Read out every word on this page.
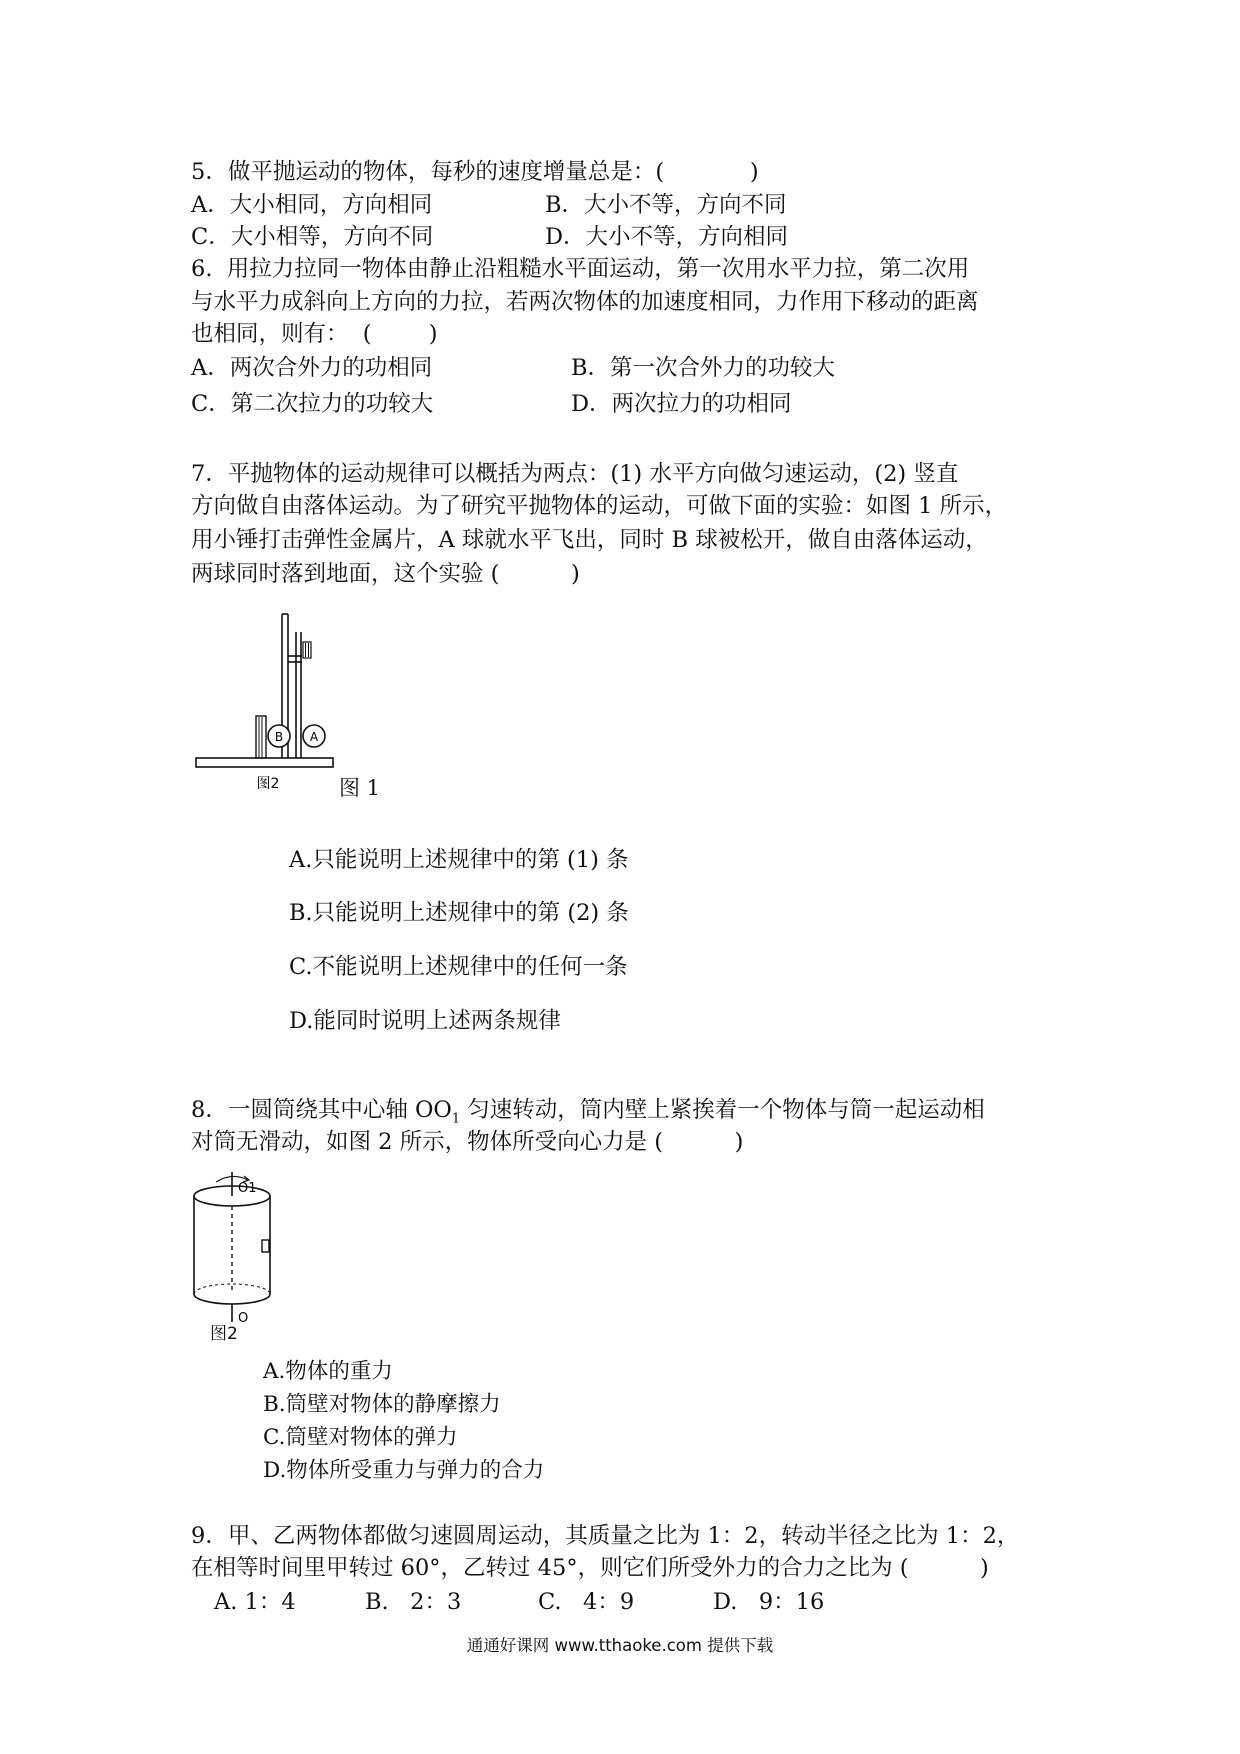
5．做平抛运动的物体，每秒的速度增量总是：(            )
A．大小相同，方向相同	B．大小不等，方向不同
C．大小相等，方向不同	D．大小不等，方向相同
6.  用拉力拉同一物体由静止沿粗糙水平面运动，第一次用水平力拉，第二次用
与水平力成斜向上方向的力拉，若两次物体的加速度相同，力作用下移动的距离
也相同，则有：  (        )
A．两次合外力的功相同	B．第一次合外力的功较大
C．第二次拉力的功较大	D．两次拉力的功相同
7．平抛物体的运动规律可以概括为两点：(1) 水平方向做匀速运动，(2) 竖直
方向做自由落体运动。为了研究平抛物体的运动，可做下面的实验：如图 1 所示，
用小锤打击弹性金属片，A 球就水平飞出，同时 B 球被松开，做自由落体运动，
两球同时落到地面，这个实验 (          )
B A
图2	图 1
A.只能说明上述规律中的第 (1) 条
B.只能说明上述规律中的第 (2) 条
C.不能说明上述规律中的任何一条
D.能同时说明上述两条规律
8．一圆筒绕其中心轴 $OO_1$ 匀速转动，筒内壁上紧挨着一个物体与筒一起运动相
对筒无滑动，如图 2 所示，物体所受向心力是 (          )
O1
O
图2
A.物体的重力
B.筒壁对物体的静摩擦力
C.筒壁对物体的弹力
D.物体所受重力与弹力的合力
9．甲、乙两物体都做匀速圆周运动，其质量之比为 1：2，转动半径之比为 1：2，
在相等时间里甲转过 60°，乙转过 45°，则它们所受外力的合力之比为 (          )
A. 1：4	B.   2：3	C.   4：9	D.   9：16
通通好课网 www.tthaoke.com 提供下载
